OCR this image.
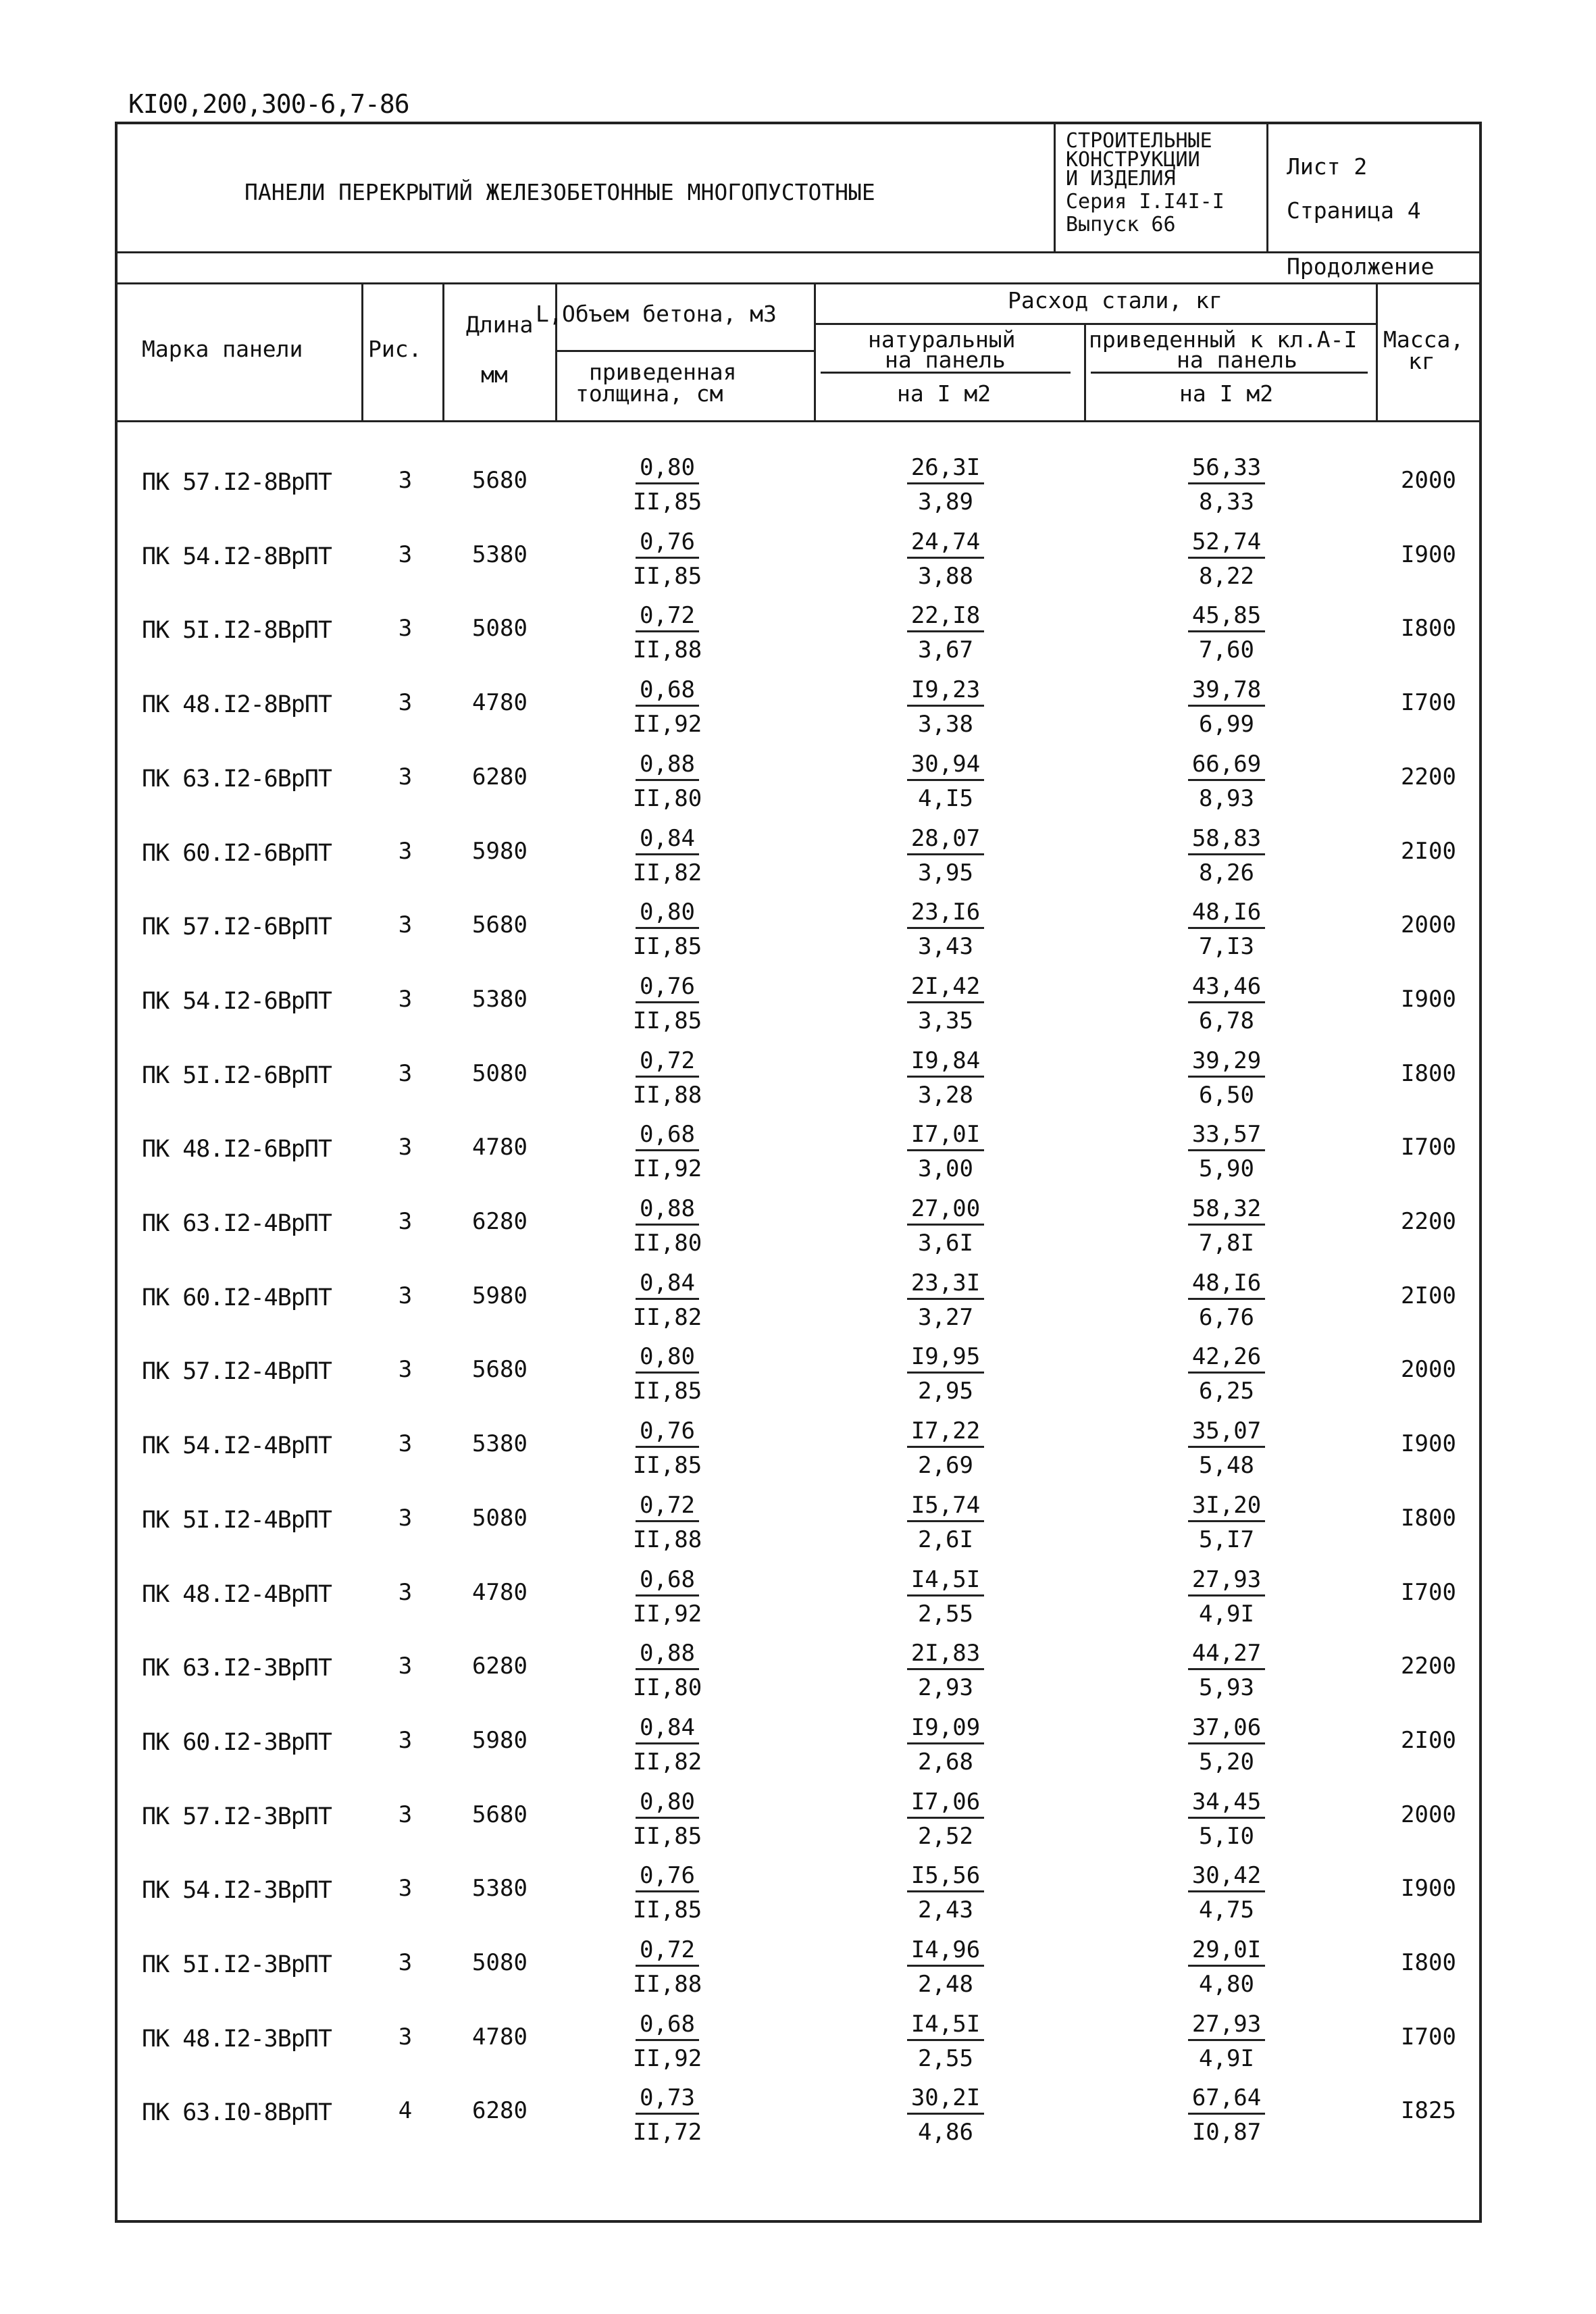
KI00,200,300-6,7-86
ПАНЕЛИ ПЕРЕКРЫТИЙ ЖЕЛЕЗОБЕТОННЫЕ МНОГОПУСТОТНЫЕ
СТРОИТЕЛЬНЫЕ
КОНСТРУКЦИИ
И ИЗДЕЛИЯ
Серия I.I4I-I
Выпуск 66
Лист 2
Страница 4
Продолжение
Марка панели	Рис.
Длина L,
мм
Объем бетона, м3
приведенная
толщина, см
Расход стали, кг
натуральный
на панель
на I м2
приведенный к кл.А-I
на панель
на I м2
Масса,
кг
ПК 57.I2-8ВрПТ	3	5680	$\frac{0,80}{II,85}$	$\frac{26,3I}{3,89}$	$\frac{56,33}{8,33}$	2000
ПК 54.I2-8ВрПТ	3	5380	$\frac{0,76}{II,85}$	$\frac{24,74}{3,88}$	$\frac{52,74}{8,22}$	I900
ПК 5I.I2-8ВрПТ	3	5080	$\frac{0,72}{II,88}$	$\frac{22,I8}{3,67}$	$\frac{45,85}{7,60}$	I800
ПК 48.I2-8ВрПТ	3	4780	$\frac{0,68}{II,92}$	$\frac{I9,23}{3,38}$	$\frac{39,78}{6,99}$	I700
ПК 63.I2-6ВрПТ	3	6280	$\frac{0,88}{II,80}$	$\frac{30,94}{4,I5}$	$\frac{66,69}{8,93}$	2200
ПК 60.I2-6ВрПТ	3	5980	$\frac{0,84}{II,82}$	$\frac{28,07}{3,95}$	$\frac{58,83}{8,26}$	2I00
ПК 57.I2-6ВрПТ	3	5680	$\frac{0,80}{II,85}$	$\frac{23,I6}{3,43}$	$\frac{48,I6}{7,I3}$	2000
ПК 54.I2-6ВрПТ	3	5380	$\frac{0,76}{II,85}$	$\frac{2I,42}{3,35}$	$\frac{43,46}{6,78}$	I900
ПК 5I.I2-6ВрПТ	3	5080	$\frac{0,72}{II,88}$	$\frac{I9,84}{3,28}$	$\frac{39,29}{6,50}$	I800
ПК 48.I2-6ВрПТ	3	4780	$\frac{0,68}{II,92}$	$\frac{I7,0I}{3,00}$	$\frac{33,57}{5,90}$	I700
ПК 63.I2-4ВрПТ	3	6280	$\frac{0,88}{II,80}$	$\frac{27,00}{3,6I}$	$\frac{58,32}{7,8I}$	2200
ПК 60.I2-4ВрПТ	3	5980	$\frac{0,84}{II,82}$	$\frac{23,3I}{3,27}$	$\frac{48,I6}{6,76}$	2I00
ПК 57.I2-4ВрПТ	3	5680	$\frac{0,80}{II,85}$	$\frac{I9,95}{2,95}$	$\frac{42,26}{6,25}$	2000
ПК 54.I2-4ВрПТ	3	5380	$\frac{0,76}{II,85}$	$\frac{I7,22}{2,69}$	$\frac{35,07}{5,48}$	I900
ПК 5I.I2-4ВрПТ	3	5080	$\frac{0,72}{II,88}$	$\frac{I5,74}{2,6I}$	$\frac{3I,20}{5,I7}$	I800
ПК 48.I2-4ВрПТ	3	4780	$\frac{0,68}{II,92}$	$\frac{I4,5I}{2,55}$	$\frac{27,93}{4,9I}$	I700
ПК 63.I2-3ВрПТ	3	6280	$\frac{0,88}{II,80}$	$\frac{2I,83}{2,93}$	$\frac{44,27}{5,93}$	2200
ПК 60.I2-3ВрПТ	3	5980	$\frac{0,84}{II,82}$	$\frac{I9,09}{2,68}$	$\frac{37,06}{5,20}$	2I00
ПК 57.I2-3ВрПТ	3	5680	$\frac{0,80}{II,85}$	$\frac{I7,06}{2,52}$	$\frac{34,45}{5,I0}$	2000
ПК 54.I2-3ВрПТ	3	5380	$\frac{0,76}{II,85}$	$\frac{I5,56}{2,43}$	$\frac{30,42}{4,75}$	I900
ПК 5I.I2-3ВрПТ	3	5080	$\frac{0,72}{II,88}$	$\frac{I4,96}{2,48}$	$\frac{29,0I}{4,80}$	I800
ПК 48.I2-3ВрПТ	3	4780	$\frac{0,68}{II,92}$	$\frac{I4,5I}{2,55}$	$\frac{27,93}{4,9I}$	I700
ПК 63.I0-8ВрПТ	4	6280	$\frac{0,73}{II,72}$	$\frac{30,2I}{4,86}$	$\frac{67,64}{I0,87}$	I825
